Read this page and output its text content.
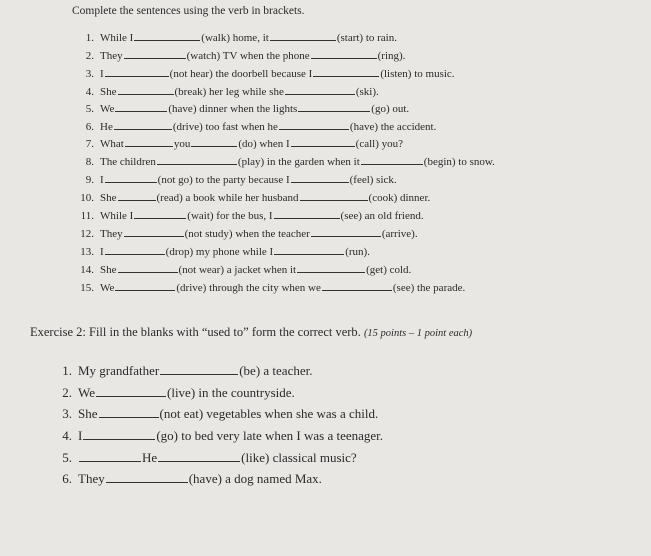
Complete the sentences using the verb in brackets.
1. While I	(walk) home, it	(start) to rain.
2. They	(watch) TV when the phone	(ring).
3. I	(not hear) the doorbell because I	(listen) to music.
4. She	(break) her leg while she	(ski).
5. We	(have) dinner when the lights	(go) out.
6. He	(drive) too fast when he	(have) the accident.
7. What	you	(do) when I	(call) you?
8. The children	(play) in the garden when it	(begin) to snow.
9. I	(not go) to the party because I	(feel) sick.
10. She	(read) a book while her husband	(cook) dinner.
11. While I	(wait) for the bus, I	(see) an old friend.
12. They	(not study) when the teacher	(arrive).
13. I	(drop) my phone while I	(run).
14. She	(not wear) a jacket when it	(get) cold.
15. We	(drive) through the city when we	(see) the parade.
Exercise 2: Fill in the blanks with “used to” form the correct verb. (15 points – 1 point each)
1. My grandfather	(be) a teacher.
2. We	(live) in the countryside.
3. She	(not eat) vegetables when she was a child.
4. I	(go) to bed very late when I was a teenager.
5.	He	(like) classical music?
6. They	(have) a dog named Max.
